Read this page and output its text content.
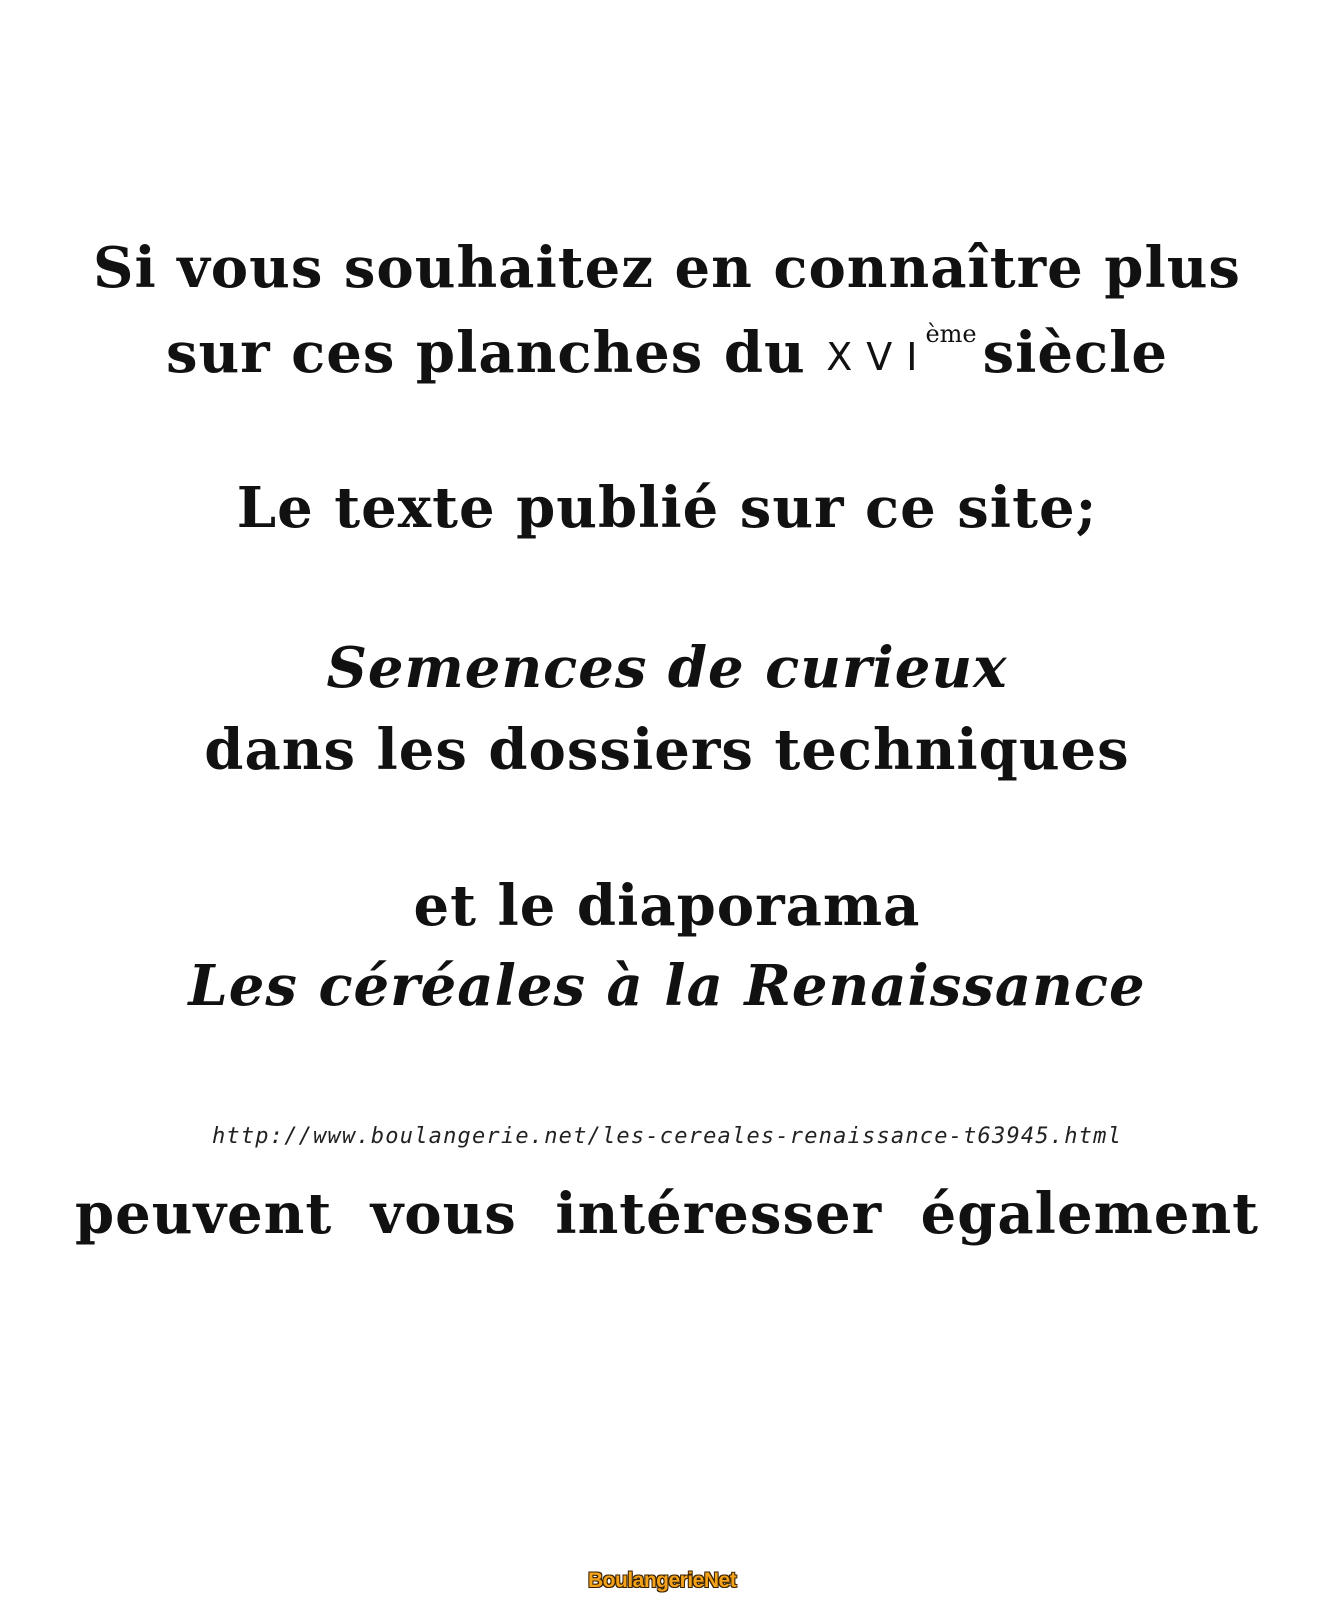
Si vous souhaitez en connaître plus
sur ces planches du XVIème siècle
Le texte publié sur ce site;
Semences de curieux
dans les dossiers techniques
et le diaporama
Les céréales à la Renaissance
http://www.boulangerie.net/les-cereales-renaissance-t63945.html
peuvent vous intéresser également
BoulangerieNet
